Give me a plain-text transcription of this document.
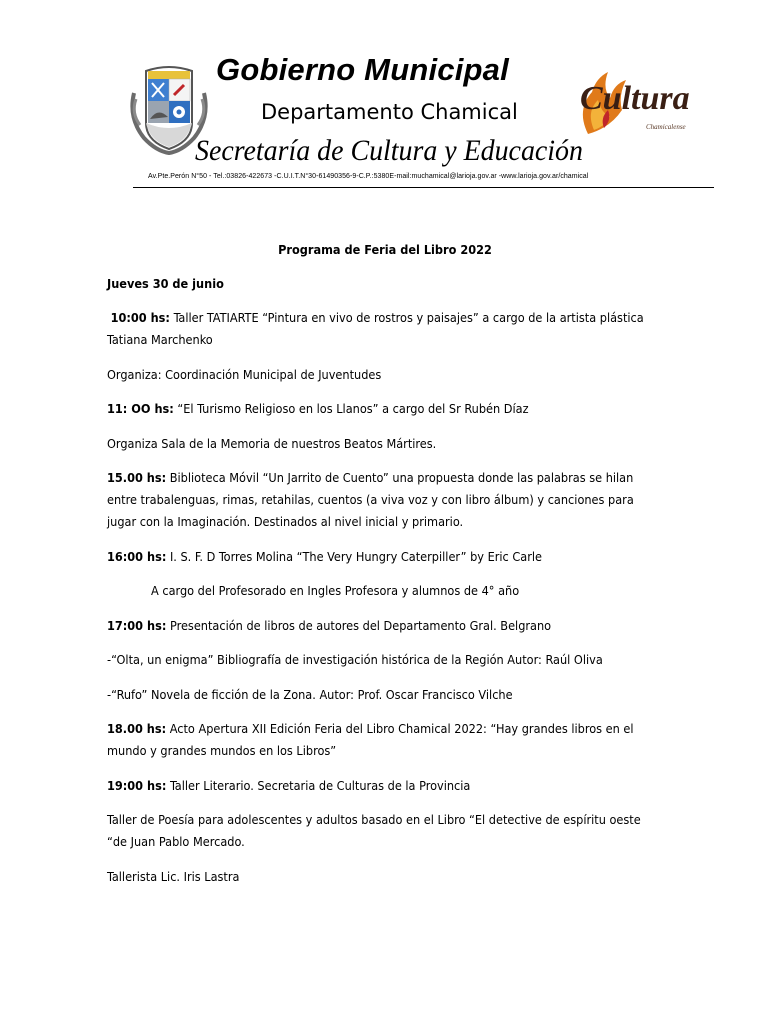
Gobierno Municipal
Departamento Chamical
Secretaría de Cultura y Educación
Av.Pte.Perón N°50 - Tel.:03826-422673 -C.U.I.T.N°30-61490356-9-C.P.:5380E-mail:muchamical@larioja.gov.ar -www.larioja.gov.ar/chamical
Cultura
Chamicalense

Programa de Feria del Libro 2022

Jueves 30 de junio

10:00 hs: Taller TATIARTE “Pintura en vivo de rostros y paisajes” a cargo de la artista plástica Tatiana Marchenko

Organiza: Coordinación Municipal de Juventudes

11: OO hs: “El Turismo Religioso en los Llanos” a cargo del Sr Rubén Díaz

Organiza Sala de la Memoria de nuestros Beatos Mártires.

15.00 hs: Biblioteca Móvil “Un Jarrito de Cuento” una propuesta donde las palabras se hilan entre trabalenguas, rimas, retahilas, cuentos (a viva voz y con libro álbum) y canciones para jugar con la Imaginación. Destinados al nivel inicial y primario.

16:00 hs: I. S. F. D Torres Molina “The Very Hungry Caterpiller” by Eric Carle

A cargo del Profesorado en Ingles Profesora y alumnos de 4° año

17:00 hs: Presentación de libros de autores del Departamento Gral. Belgrano

-“Olta, un enigma” Bibliografía de investigación histórica de la Región Autor: Raúl Oliva

-“Rufo” Novela de ficción de la Zona. Autor: Prof. Oscar Francisco Vilche

18.00 hs: Acto Apertura XII Edición Feria del Libro Chamical 2022: “Hay grandes libros en el mundo y grandes mundos en los Libros”

19:00 hs: Taller Literario. Secretaria de Culturas de la Provincia

Taller de Poesía para adolescentes y adultos basado en el Libro “El detective de espíritu oeste “de Juan Pablo Mercado.

Tallerista Lic. Iris Lastra
